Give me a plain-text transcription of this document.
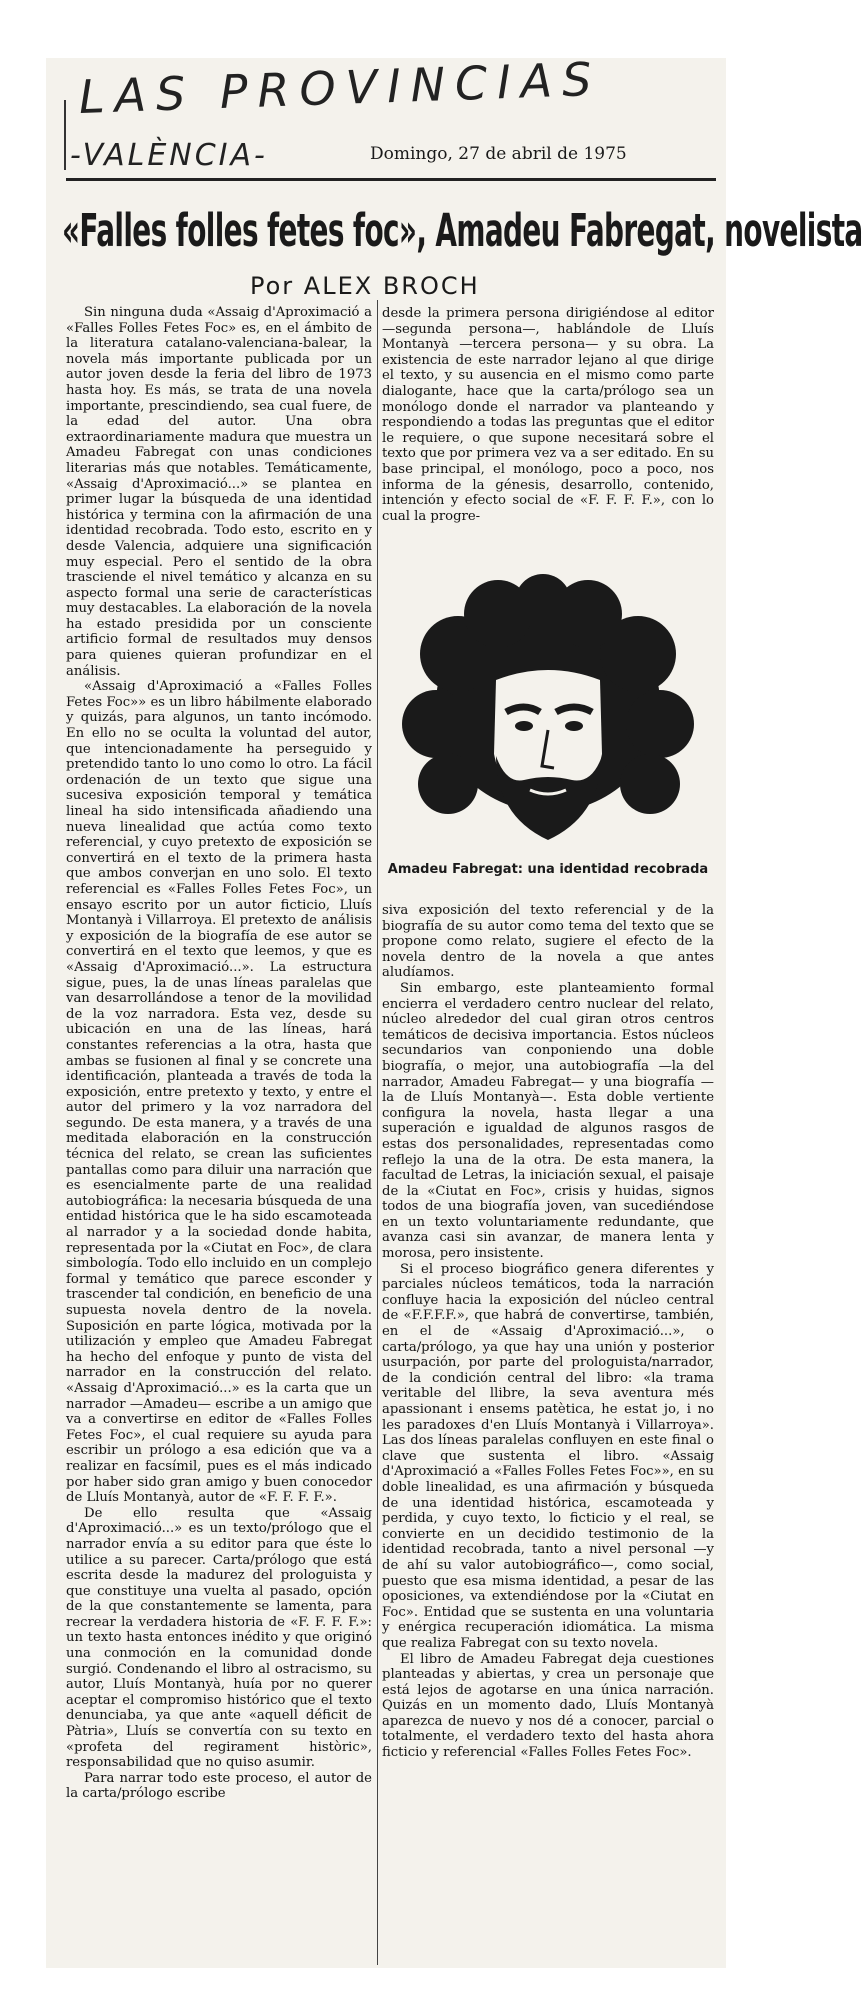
LAS PROVINCIAS
-VALÈNCIA-	Domingo, 27 de abril de 1975
«Falles folles fetes foc», Amadeu Fabregat, novelista
Por ALEX BROCH

Sin ninguna duda «Assaig d'Aproximació a «Falles Folles Fetes Foc» es, en el ámbito de la literatura catalano-valenciana-balear, la novela más importante publicada por un autor joven desde la feria del libro de 1973 hasta hoy. Es más, se trata de una novela importante, prescindiendo, sea cual fuere, de la edad del autor. Una obra extraordinariamente madura que muestra un Amadeu Fabregat con unas condiciones literarias más que notables. Temáticamente, «Assaig d'Aproximació...» se plantea en primer lugar la búsqueda de una identidad histórica y termina con la afirmación de una identidad recobrada. Todo esto, escrito en y desde Valencia, adquiere una significación muy especial. Pero el sentido de la obra trasciende el nivel temático y alcanza en su aspecto formal una serie de características muy destacables. La elaboración de la novela ha estado presidida por un consciente artificio formal de resultados muy densos para quienes quieran profundizar en el análisis.

«Assaig d'Aproximació a «Falles Folles Fetes Foc»» es un libro hábilmente elaborado y quizás, para algunos, un tanto incómodo. En ello no se oculta la voluntad del autor, que intencionadamente ha perseguido y pretendido tanto lo uno como lo otro. La fácil ordenación de un texto que sigue una sucesiva exposición temporal y temática lineal ha sido intensificada añadiendo una nueva linealidad que actúa como texto referencial, y cuyo pretexto de exposición se convertirá en el texto de la primera hasta que ambos converjan en uno solo. El texto referencial es «Falles Folles Fetes Foc», un ensayo escrito por un autor ficticio, Lluís Montanyà i Villarroya. El pretexto de análisis y exposición de la biografía de ese autor se convertirá en el texto que leemos, y que es «Assaig d'Aproximació...». La estructura sigue, pues, la de unas líneas paralelas que van desarrollándose a tenor de la movilidad de la voz narradora. Esta vez, desde su ubicación en una de las líneas, hará constantes referencias a la otra, hasta que ambas se fusionen al final y se concrete una identificación, planteada a través de toda la exposición, entre pretexto y texto, y entre el autor del primero y la voz narradora del segundo. De esta manera, y a través de una meditada elaboración en la construcción técnica del relato, se crean las suficientes pantallas como para diluir una narración que es esencialmente parte de una realidad autobiográfica: la necesaria búsqueda de una entidad histórica que le ha sido escamoteada al narrador y a la sociedad donde habita, representada por la «Ciutat en Foc», de clara simbología. Todo ello incluido en un complejo formal y temático que parece esconder y trascender tal condición, en beneficio de una supuesta novela dentro de la novela. Suposición en parte lógica, motivada por la utilización y empleo que Amadeu Fabregat ha hecho del enfoque y punto de vista del narrador en la construcción del relato. «Assaig d'Aproximació...» es la carta que un narrador —Amadeu— escribe a un amigo que va a convertirse en editor de «Falles Folles Fetes Foc», el cual requiere su ayuda para escribir un prólogo a esa edición que va a realizar en facsímil, pues es el más indicado por haber sido gran amigo y buen conocedor de Lluís Montanyà, autor de «F. F. F. F.».

De ello resulta que «Assaig d'Aproximació...» es un texto/prólogo que el narrador envía a su editor para que éste lo utilice a su parecer. Carta/prólogo que está escrita desde la madurez del prologuista y que constituye una vuelta al pasado, opción de la que constantemente se lamenta, para recrear la verdadera historia de «F. F. F. F.»: un texto hasta entonces inédito y que originó una conmoción en la comunidad donde surgió. Condenando el libro al ostracismo, su autor, Lluís Montanyà, huía por no querer aceptar el compromiso histórico que el texto denunciaba, ya que ante «aquell déficit de Pàtria», Lluís se convertía con su texto en «profeta del regirament històric», responsabilidad que no quiso asumir.

Para narrar todo este proceso, el autor de la carta/prólogo escribe

desde la primera persona dirigiéndose al editor —segunda persona—, hablándole de Lluís Montanyà —tercera persona— y su obra. La existencia de este narrador lejano al que dirige el texto, y su ausencia en el mismo como parte dialogante, hace que la carta/prólogo sea un monólogo donde el narrador va planteando y respondiendo a todas las preguntas que el editor le requiere, o que supone necesitará sobre el texto que por primera vez va a ser editado. En su base principal, el monólogo, poco a poco, nos informa de la génesis, desarrollo, contenido, intención y efecto social de «F. F. F. F.», con lo cual la progre-

Amadeu Fabregat: una identidad recobrada

siva exposición del texto referencial y de la biografía de su autor como tema del texto que se propone como relato, sugiere el efecto de la novela dentro de la novela a que antes aludíamos.

Sin embargo, este planteamiento formal encierra el verdadero centro nuclear del relato, núcleo alrededor del cual giran otros centros temáticos de decisiva importancia. Estos núcleos secundarios van conponiendo una doble biografía, o mejor, una autobiografía —la del narrador, Amadeu Fabregat— y una biografía —la de Lluís Montanyà—. Esta doble vertiente configura la novela, hasta llegar a una superación e igualdad de algunos rasgos de estas dos personalidades, representadas como reflejo la una de la otra. De esta manera, la facultad de Letras, la iniciación sexual, el paisaje de la «Ciutat en Foc», crisis y huidas, signos todos de una biografía joven, van sucediéndose en un texto voluntariamente redundante, que avanza casi sin avanzar, de manera lenta y morosa, pero insistente.

Si el proceso biográfico genera diferentes y parciales núcleos temáticos, toda la narración confluye hacia la exposición del núcleo central de «F.F.F.F.», que habrá de convertirse, también, en el de «Assaig d'Aproximació...», o carta/prólogo, ya que hay una unión y posterior usurpación, por parte del prologuista/narrador, de la condición central del libro: «la trama veritable del llibre, la seva aventura més apassionant i ensems patètica, he estat jo, i no les paradoxes d'en Lluís Montanyà i Villarroya». Las dos líneas paralelas confluyen en este final o clave que sustenta el libro. «Assaig d'Aproximació a «Falles Folles Fetes Foc»», en su doble linealidad, es una afirmación y búsqueda de una identidad histórica, escamoteada y perdida, y cuyo texto, lo ficticio y el real, se convierte en un decidido testimonio de la identidad recobrada, tanto a nivel personal —y de ahí su valor autobiográfico—, como social, puesto que esa misma identidad, a pesar de las oposiciones, va extendiéndose por la «Ciutat en Foc». Entidad que se sustenta en una voluntaria y enérgica recuperación idiomática. La misma que realiza Fabregat con su texto novela.

El libro de Amadeu Fabregat deja cuestiones planteadas y abiertas, y crea un personaje que está lejos de agotarse en una única narración. Quizás en un momento dado, Lluís Montanyà aparezca de nuevo y nos dé a conocer, parcial o totalmente, el verdadero texto del hasta ahora ficticio y referencial «Falles Folles Fetes Foc».
